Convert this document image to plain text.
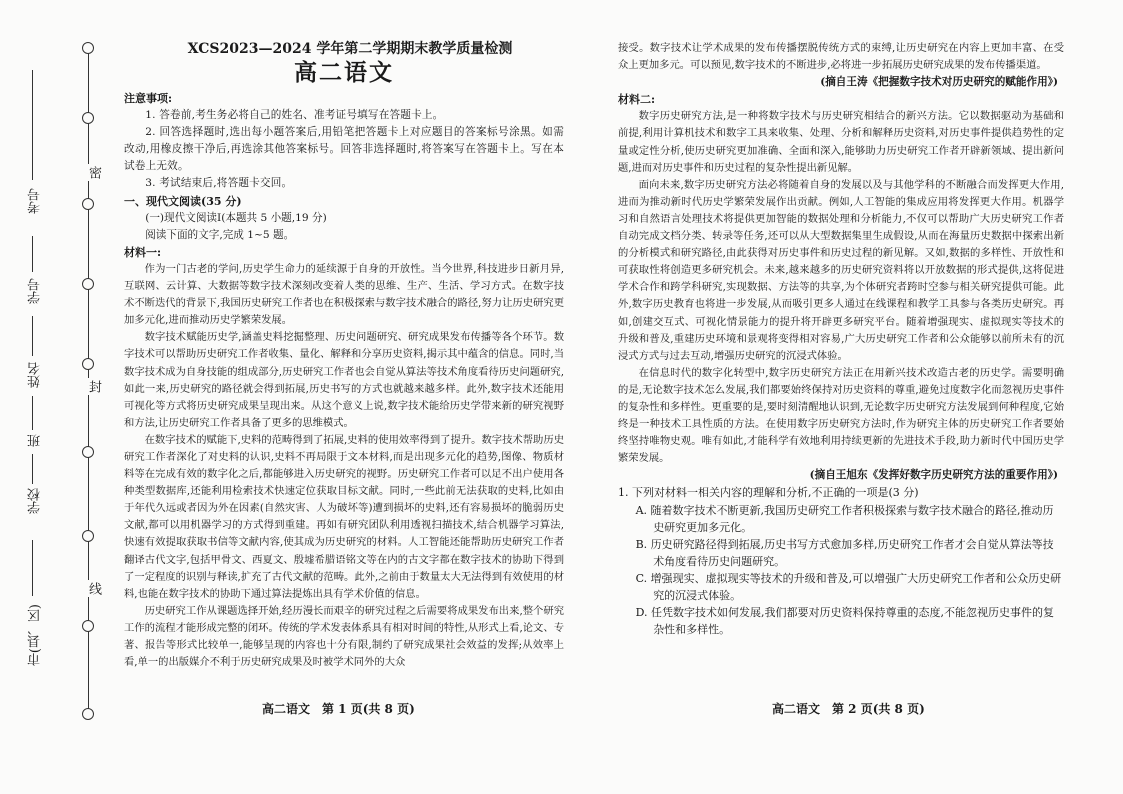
密
封
线
考号
学号
姓名
班
学校
市(县、区)
XCS2023—2024 学年第二学期期末教学质量检测
高二语文
注意事项:
1. 答卷前,考生务必将自己的姓名、准考证号填写在答题卡上。
2. 回答选择题时,选出每小题答案后,用铅笔把答题卡上对应题目的答案标号涂黑。如需改动,用橡皮擦干净后,再选涂其他答案标号。回答非选择题时,将答案写在答题卡上。写在本试卷上无效。
3. 考试结束后,将答题卡交回。
一、现代文阅读(35 分)
(一)现代文阅读Ⅰ(本题共 5 小题,19 分)
阅读下面的文字,完成 1~5 题。
材料一:
作为一门古老的学问,历史学生命力的延续源于自身的开放性。当今世界,科技进步日新月异,互联网、云计算、大数据等数字技术深刻改变着人类的思维、生产、生活、学习方式。在数字技术不断迭代的背景下,我国历史研究工作者也在积极探索与数字技术融合的路径,努力让历史研究更加多元化,进而推动历史学繁荣发展。
数字技术赋能历史学,涵盖史料挖掘整理、历史问题研究、研究成果发布传播等各个环节。数字技术可以帮助历史研究工作者收集、量化、解释和分享历史资料,揭示其中蕴含的信息。同时,当数字技术成为自身技能的组成部分,历史研究工作者也会自觉从算法等技术角度看待历史问题研究,如此一来,历史研究的路径就会得到拓展,历史书写的方式也就越来越多样。此外,数字技术还能用可视化等方式将历史研究成果呈现出来。从这个意义上说,数字技术能给历史学带来新的研究视野和方法,让历史研究工作者具备了更多的思维模式。
在数字技术的赋能下,史料的范畴得到了拓展,史料的使用效率得到了提升。数字技术帮助历史研究工作者深化了对史料的认识,史料不再局限于文本材料,而是出现多元化的趋势,图像、物质材料等在完成有效的数字化之后,都能够进入历史研究的视野。历史研究工作者可以足不出户使用各种类型数据库,还能利用检索技术快速定位获取目标文献。同时,一些此前无法获取的史料,比如由于年代久远或者因为外在因素(自然灾害、人为破坏等)遭到损坏的史料,还有容易损坏的脆弱历史文献,都可以用机器学习的方式得到重建。再如有研究团队利用透视扫描技术,结合机器学习算法,快速有效提取获取书信等文献内容,使其成为历史研究的材料。人工智能还能帮助历史研究工作者翻译古代文字,包括甲骨文、西夏文、殷墟希腊语铭文等在内的古文字都在数字技术的协助下得到了一定程度的识别与释读,扩充了古代文献的范畴。此外,之前由于数量太大无法得到有效使用的材料,也能在数字技术的协助下通过算法提炼出具有学术价值的信息。
历史研究工作从课题选择开始,经历漫长而艰辛的研究过程之后需要将成果发布出来,整个研究工作的流程才能形成完整的闭环。传统的学术发表体系具有相对时间的特性,从形式上看,论文、专著、报告等形式比较单一,能够呈现的内容也十分有限,制约了研究成果社会效益的发挥;从效率上看,单一的出版媒介不利于历史研究成果及时被学术同外的大众
接受。数字技术让学术成果的发布传播摆脱传统方式的束缚,让历史研究在内容上更加丰富、在受众上更加多元。可以预见,数字技术的不断进步,必将进一步拓展历史研究成果的发布传播渠道。
(摘自王涛《把握数字技术对历史研究的赋能作用》)
材料二:
数字历史研究方法,是一种将数字技术与历史研究相结合的新兴方法。它以数据驱动为基础和前提,利用计算机技术和数字工具来收集、处理、分析和解释历史资料,对历史事件提供趋势性的定量或定性分析,使历史研究更加准确、全面和深入,能够助力历史研究工作者开辟新领域、提出新问题,进而对历史事件和历史过程的复杂性提出新见解。
面向未来,数字历史研究方法必将随着自身的发展以及与其他学科的不断融合而发挥更大作用,进而为推动新时代历史学繁荣发展作出贡献。例如,人工智能的集成应用将发挥更大作用。机器学习和自然语言处理技术将提供更加智能的数据处理和分析能力,不仅可以帮助广大历史研究工作者自动完成文档分类、转录等任务,还可以从大型数据集里生成假设,从而在海量历史数据中探索出新的分析模式和研究路径,由此获得对历史事件和历史过程的新见解。又如,数据的多样性、开放性和可获取性将创造更多研究机会。未来,越来越多的历史研究资料将以开放数据的形式提供,这将促进学术合作和跨学科研究,实现数据、方法等的共享,为个体研究者跨时空参与相关研究提供可能。此外,数字历史教育也将进一步发展,从而吸引更多人通过在线课程和教学工具参与各类历史研究。再如,创建交互式、可视化情景能力的提升将开辟更多研究平台。随着增强现实、虚拟现实等技术的升级和普及,重建历史环境和景观将变得相对容易,广大历史研究工作者和公众能够以前所未有的沉浸式方式与过去互动,增强历史研究的沉浸式体验。
在信息时代的数字化转型中,数字历史研究方法正在用新兴技术改造古老的历史学。需要明确的是,无论数字技术怎么发展,我们都要始终保持对历史资料的尊重,避免过度数字化而忽视历史事件的复杂性和多样性。更重要的是,要时刻清醒地认识到,无论数字历史研究方法发展到何种程度,它始终是一种技术工具性质的方法。在使用数字历史研究方法时,作为研究主体的历史研究工作者要始终坚持唯物史观。唯有如此,才能科学有效地利用持续更新的先进技术手段,助力新时代中国历史学繁荣发展。
(摘自王旭东《发挥好数字历史研究方法的重要作用》)
1. 下列对材料一相关内容的理解和分析,不正确的一项是(3 分)
A. 随着数字技术不断更新,我国历史研究工作者积极探索与数字技术融合的路径,推动历史研究更加多元化。
B. 历史研究路径得到拓展,历史书写方式愈加多样,历史研究工作者才会自觉从算法等技术角度看待历史问题研究。
C. 增强现实、虚拟现实等技术的升级和普及,可以增强广大历史研究工作者和公众历史研究的沉浸式体验。
D. 任凭数字技术如何发展,我们都要对历史资料保持尊重的态度,不能忽视历史事件的复杂性和多样性。
高二语文　第 1 页(共 8 页)	高二语文　第 2 页(共 8 页)
